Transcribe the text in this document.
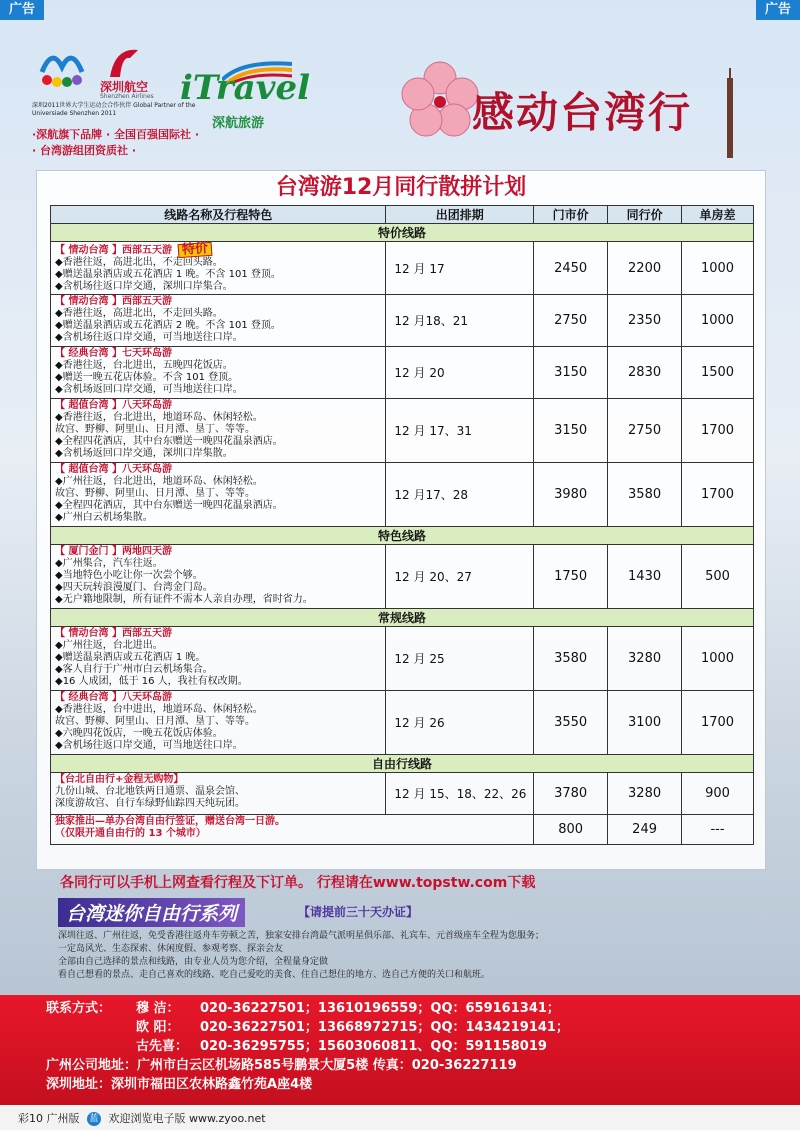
广告	广告
深圳航空
Shenzhen Airlines iTravel
深航旅游
深圳2011世界大学生运动会合作伙伴 Global Partner of the Universiade Shenzhen 2011
·深航旗下品牌 · 全国百强国际社 ·
· 台湾游组团资质社 ·
感动台湾行
台湾游12月同行散拼计划
线路名称及行程特色	出团排期	门市价	同行价	单房差
特价线路				
【 情动台湾 】西部五天游 特价
◆香港往返，高进北出，不走回头路。
◆赠送温泉酒店或五花酒店 1 晚。不含 101 登顶。
◆含机场往返口岸交通，深圳口岸集合。	12 月 17	2450	2200	1000
【 情动台湾 】西部五天游
◆香港往返，高进北出，不走回头路。
◆赠送温泉酒店或五花酒店 2 晚。不含 101 登顶。
◆含机场往返口岸交通，可当地送往口岸。	12 月18、21	2750	2350	1000
【 经典台湾 】七天环岛游
◆香港往返，台北进出，五晚四花饭店。
◆赠送一晚五花店体验。不含 101 登顶。
◆含机场返回口岸交通，可当地送往口岸。	12 月 20	3150	2830	1500
【 超值台湾 】八天环岛游
◆香港往返，台北进出，地道环岛、休闲轻松。
故宫、野柳、阿里山、日月潭、垦丁、等等。
◆全程四花酒店，其中台东赠送一晚四花温泉酒店。
◆含机场返回口岸交通，深圳口岸集散。	12 月 17、31	3150	2750	1700
【 超值台湾 】八天环岛游
◆广州往返，台北进出，地道环岛、休闲轻松。
故宫、野柳、阿里山、日月潭、垦丁、等等。
◆全程四花酒店，其中台东赠送一晚四花温泉酒店。
◆广州白云机场集散。	12 月17、28	3980	3580	1700
特色线路				
【 厦门金门 】两地四天游
◆广州集合，汽车往返。
◆当地特色小吃让你一次尝个够。
◆四天玩转浪漫厦门、台湾金门岛。
◆无户籍地限制，所有证件不需本人亲自办理，省时省力。	12 月 20、27	1750	1430	500
常规线路				
【 情动台湾 】西部五天游
◆广州往返，台北进出。
◆赠送温泉酒店或五花酒店 1 晚。
◆客人自行于广州市白云机场集合。
◆16 人成团，低于 16 人，我社有权改期。	12 月 25	3580	3280	1000
【 经典台湾 】八天环岛游
◆香港往返，台中进出，地道环岛、休闲轻松。
故宫、野柳、阿里山、日月潭、垦丁、等等。
◆六晚四花饭店，一晚五花饭店体验。
◆含机场往返口岸交通，可当地送往口岸。	12 月 26	3550	3100	1700
自由行线路				
【台北自由行+金程无购物】
九份山城、台北地铁两日通票、温泉会馆、
深度游故宫、自行车绿野仙踪四天纯玩团。	12 月 15、18、22、26	3780	3280	900
独家推出—单办台湾自由行签证，赠送台湾一日游。
（仅限开通自由行的 13 个城市）		800	249	---
各同行可以手机上网查看行程及下订单。 行程请在www.topstw.com下载
台湾迷你自由行系列	【请提前三十天办证】
深圳往返、广州往返，免受香港往返舟车劳顿之苦，独家安排台湾最气派明星俱乐部、礼宾车、元首级座车全程为您服务；
一定岛风光、生态探索、休闲度假、参观考察、探亲会友
全部由自己选择的景点和线路，由专业人员为您介绍，全程量身定做
看自己想看的景点、走自己喜欢的线路、吃自己爱吃的美食、住自己想住的地方、选自己方便的关口和航班。
联系方式：	穆 洁：	020-36227501；13610196559；QQ：659161341；
欧 阳：	020-36227501；13668972715；QQ：1434219141；
古先喜： 020-36295755；15603060811、QQ：591158019
广州公司地址： 广州市白云区机场路585号鹏景大厦5楼 传真：020-36227119
深圳地址： 深圳市福田区农林路鑫竹苑A座4楼
彩10 广州版 蓝 欢迎浏览电子版 www.zyoo.net
